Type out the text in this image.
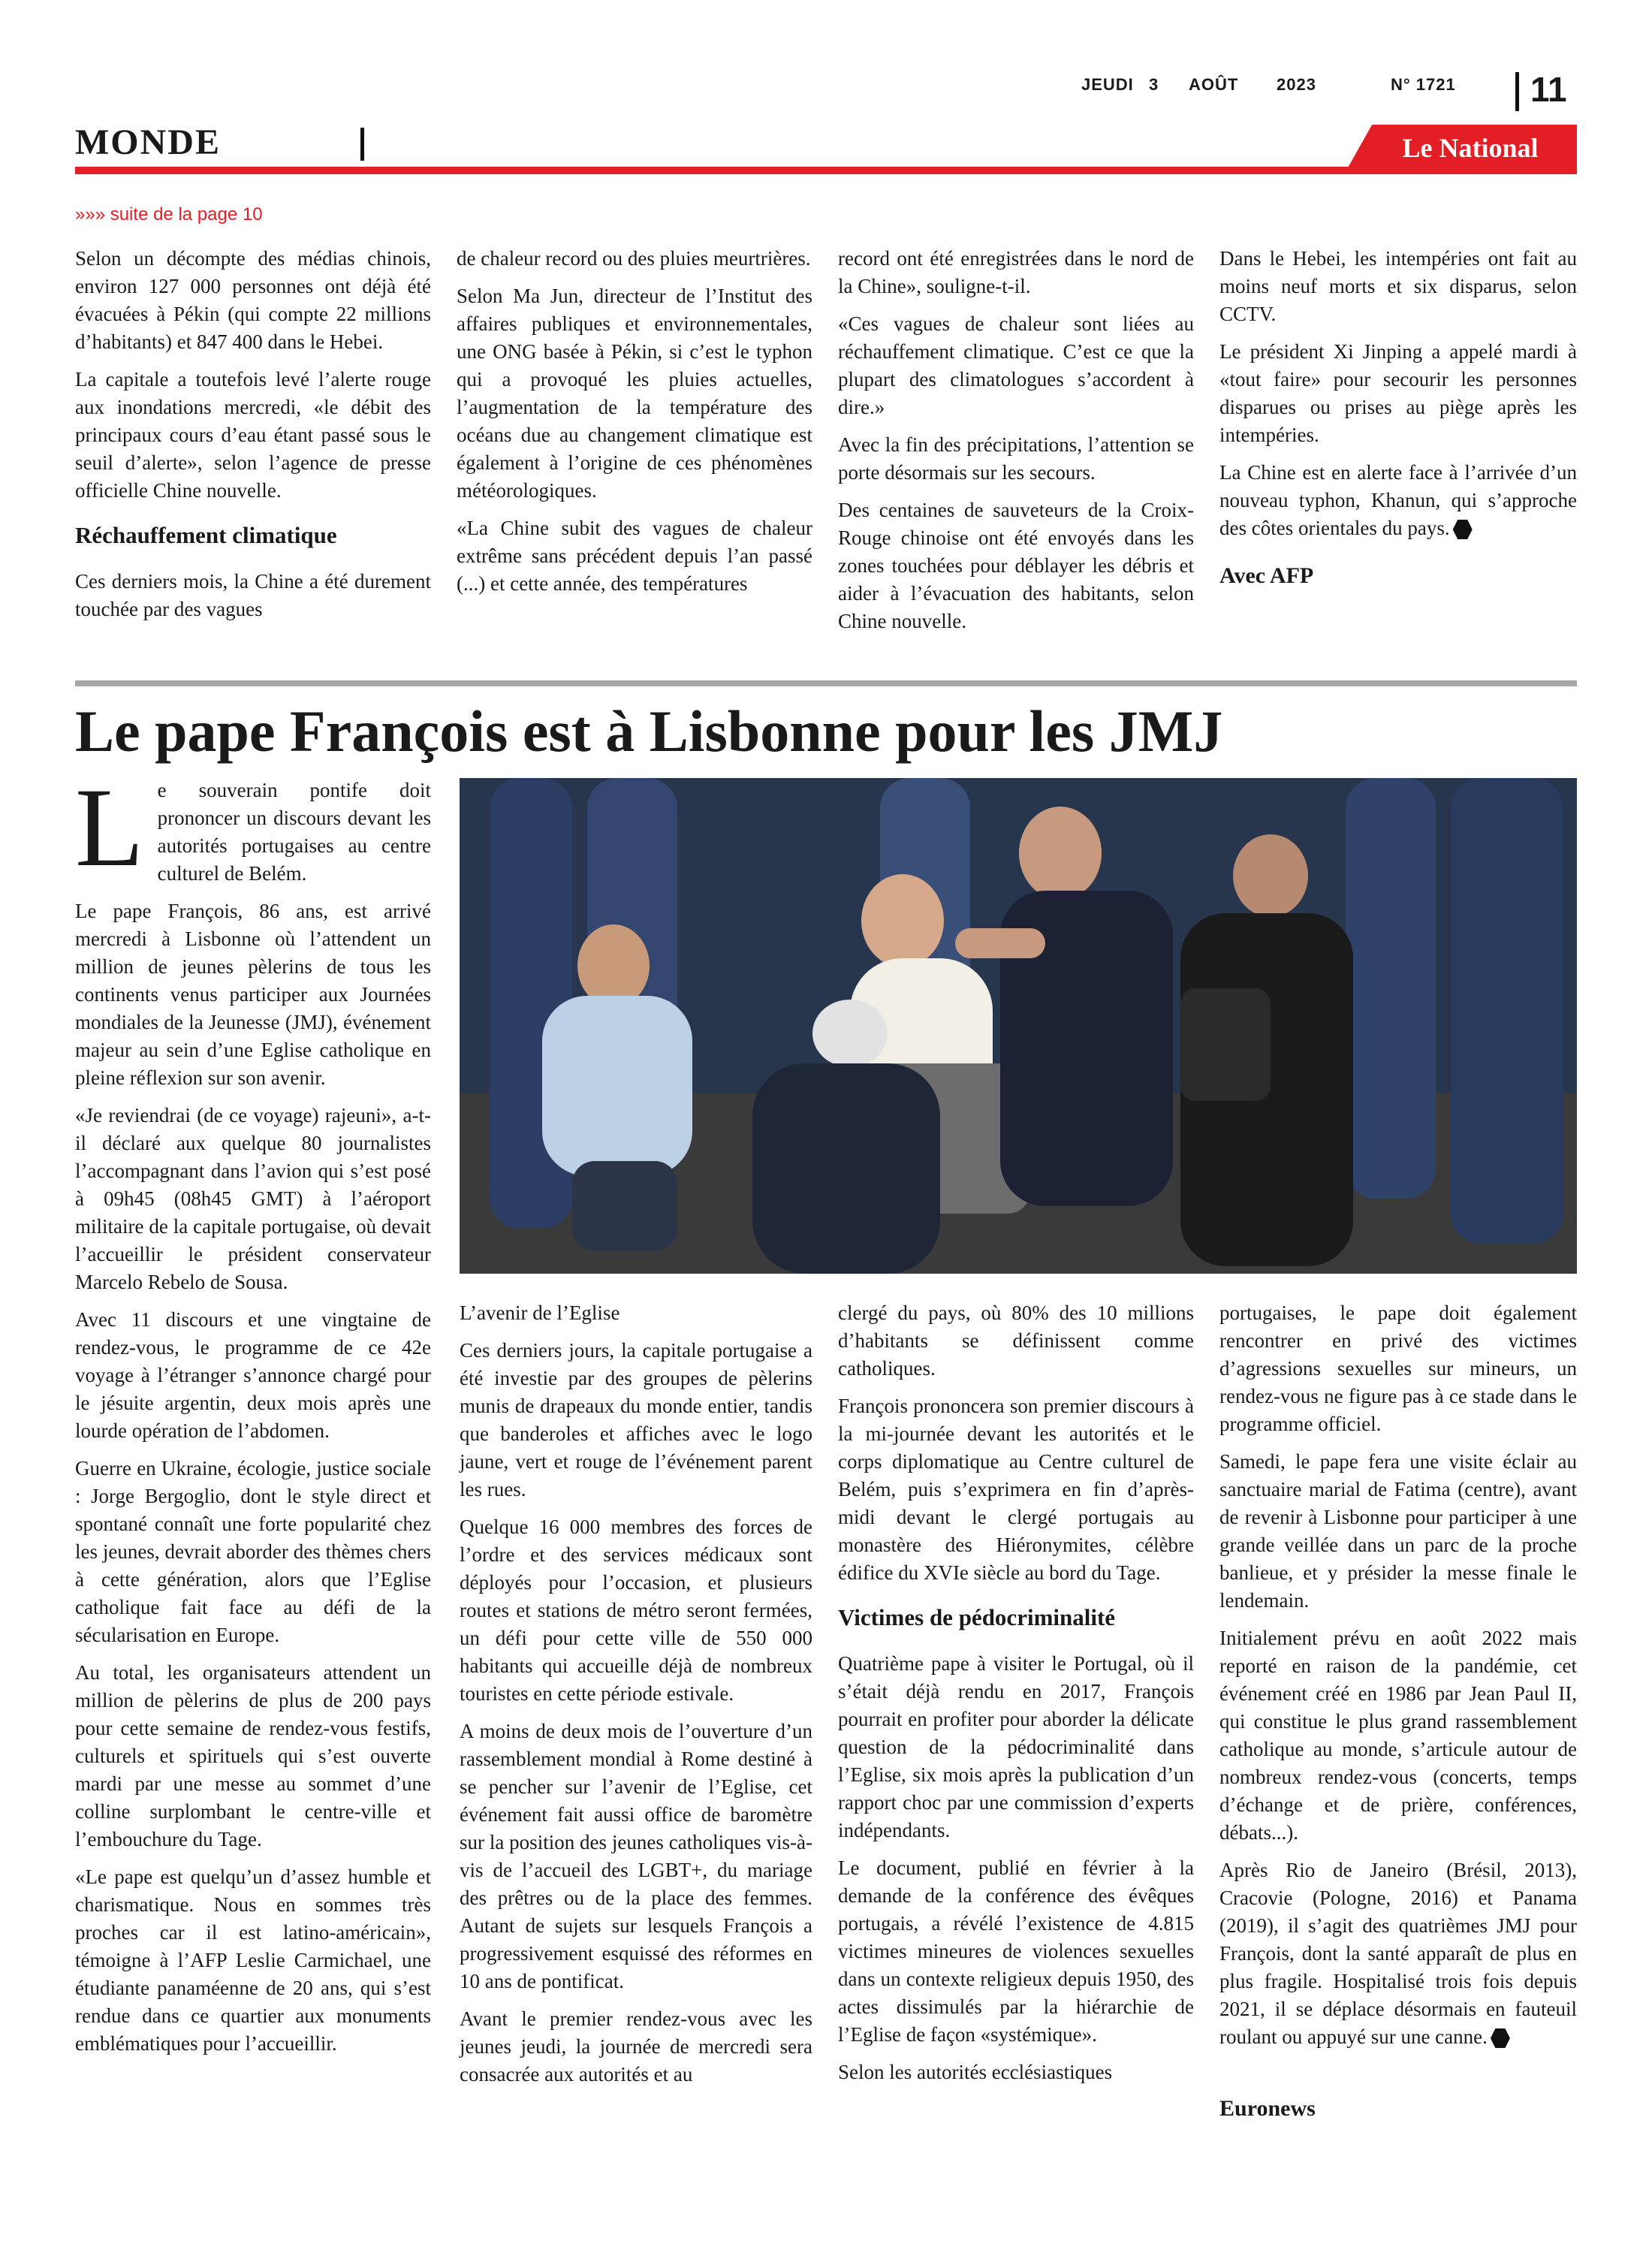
JEUDI 3 AOÛT 2023	N° 1721 11
MONDE	Le National
»»» suite de la page 10

Selon un décompte des médias chinois, environ 127 000 personnes ont déjà été évacuées à Pékin (qui compte 22 millions d’habitants) et 847 400 dans le Hebei.

La capitale a toutefois levé l’alerte rouge aux inondations mercredi, «le débit des principaux cours d’eau étant passé sous le seuil d’alerte», selon l’agence de presse officielle Chine nouvelle.

Réchauffement climatique

Ces derniers mois, la Chine a été durement touchée par des vagues

de chaleur record ou des pluies meurtrières.

Selon Ma Jun, directeur de l’Institut des affaires publiques et environnementales, une ONG basée à Pékin, si c’est le typhon qui a provoqué les pluies actuelles, l’augmentation de la température des océans due au changement climatique est également à l’origine de ces phénomènes météorologiques.

«La Chine subit des vagues de chaleur extrême sans précédent depuis l’an passé (...) et cette année, des températures

record ont été enregistrées dans le nord de la Chine», souligne-t-il.

«Ces vagues de chaleur sont liées au réchauffement climatique. C’est ce que la plupart des climatologues s’accordent à dire.»

Avec la fin des précipitations, l’attention se porte désormais sur les secours.

Des centaines de sauveteurs de la Croix-Rouge chinoise ont été envoyés dans les zones touchées pour déblayer les débris et aider à l’évacuation des habitants, selon Chine nouvelle.

Dans le Hebei, les intempéries ont fait au moins neuf morts et six disparus, selon CCTV.

Le président Xi Jinping a appelé mardi à «tout faire» pour secourir les personnes disparues ou prises au piège après les intempéries.

La Chine est en alerte face à l’arrivée d’un nouveau typhon, Khanun, qui s’approche des côtes orientales du pays.

Avec AFP
Le pape François est à Lisbonne pour les JMJ

Le souverain pontife doit prononcer un discours devant les autorités portugaises au centre culturel de Belém.

Le pape François, 86 ans, est arrivé mercredi à Lisbonne où l’attendent un million de jeunes pèlerins de tous les continents venus participer aux Journées mondiales de la Jeunesse (JMJ), événement majeur au sein d’une Eglise catholique en pleine réflexion sur son avenir.

«Je reviendrai (de ce voyage) rajeuni», a-t-il déclaré aux quelque 80 journalistes l’accompagnant dans l’avion qui s’est posé à 09h45 (08h45 GMT) à l’aéroport militaire de la capitale portugaise, où devait l’accueillir le président conservateur Marcelo Rebelo de Sousa.

Avec 11 discours et une vingtaine de rendez-vous, le programme de ce 42e voyage à l’étranger s’annonce chargé pour le jésuite argentin, deux mois après une lourde opération de l’abdomen.

Guerre en Ukraine, écologie, justice sociale : Jorge Bergoglio, dont le style direct et spontané connaît une forte popularité chez les jeunes, devrait aborder des thèmes chers à cette génération, alors que l’Eglise catholique fait face au défi de la sécularisation en Europe.

Au total, les organisateurs attendent un million de pèlerins de plus de 200 pays pour cette semaine de rendez-vous festifs, culturels et spirituels qui s’est ouverte mardi par une messe au sommet d’une colline surplombant le centre-ville et l’embouchure du Tage.

«Le pape est quelqu’un d’assez humble et charismatique. Nous en sommes très proches car il est latino-américain», témoigne à l’AFP Leslie Carmichael, une étudiante panaméenne de 20 ans, qui s’est rendue dans ce quartier aux monuments emblématiques pour l’accueillir.

L’avenir de l’Eglise

Ces derniers jours, la capitale portugaise a été investie par des groupes de pèlerins munis de drapeaux du monde entier, tandis que banderoles et affiches avec le logo jaune, vert et rouge de l’événement parent les rues.

Quelque 16 000 membres des forces de l’ordre et des services médicaux sont déployés pour l’occasion, et plusieurs routes et stations de métro seront fermées, un défi pour cette ville de 550 000 habitants qui accueille déjà de nombreux touristes en cette période estivale.

A moins de deux mois de l’ouverture d’un rassemblement mondial à Rome destiné à se pencher sur l’avenir de l’Eglise, cet événement fait aussi office de baromètre sur la position des jeunes catholiques vis-à-vis de l’accueil des LGBT+, du mariage des prêtres ou de la place des femmes. Autant de sujets sur lesquels François a progressivement esquissé des réformes en 10 ans de pontificat.

Avant le premier rendez-vous avec les jeunes jeudi, la journée de mercredi sera consacrée aux autorités et au

clergé du pays, où 80% des 10 millions d’habitants se définissent comme catholiques.

François prononcera son premier discours à la mi-journée devant les autorités et le corps diplomatique au Centre culturel de Belém, puis s’exprimera en fin d’après-midi devant le clergé portugais au monastère des Hiéronymites, célèbre édifice du XVIe siècle au bord du Tage.

Victimes de pédocriminalité

Quatrième pape à visiter le Portugal, où il s’était déjà rendu en 2017, François pourrait en profiter pour aborder la délicate question de la pédocriminalité dans l’Eglise, six mois après la publication d’un rapport choc par une commission d’experts indépendants.

Le document, publié en février à la demande de la conférence des évêques portugais, a révélé l’existence de 4.815 victimes mineures de violences sexuelles dans un contexte religieux depuis 1950, des actes dissimulés par la hiérarchie de l’Eglise de façon «systémique».

Selon les autorités ecclésiastiques

portugaises, le pape doit également rencontrer en privé des victimes d’agressions sexuelles sur mineurs, un rendez-vous ne figure pas à ce stade dans le programme officiel.

Samedi, le pape fera une visite éclair au sanctuaire marial de Fatima (centre), avant de revenir à Lisbonne pour participer à une grande veillée dans un parc de la proche banlieue, et y présider la messe finale le lendemain.

Initialement prévu en août 2022 mais reporté en raison de la pandémie, cet événement créé en 1986 par Jean Paul II, qui constitue le plus grand rassemblement catholique au monde, s’articule autour de nombreux rendez-vous (concerts, temps d’échange et de prière, conférences, débats...).

Après Rio de Janeiro (Brésil, 2013), Cracovie (Pologne, 2016) et Panama (2019), il s’agit des quatrièmes JMJ pour François, dont la santé apparaît de plus en plus fragile. Hospitalisé trois fois depuis 2021, il se déplace désormais en fauteuil roulant ou appuyé sur une canne.

Euronews
